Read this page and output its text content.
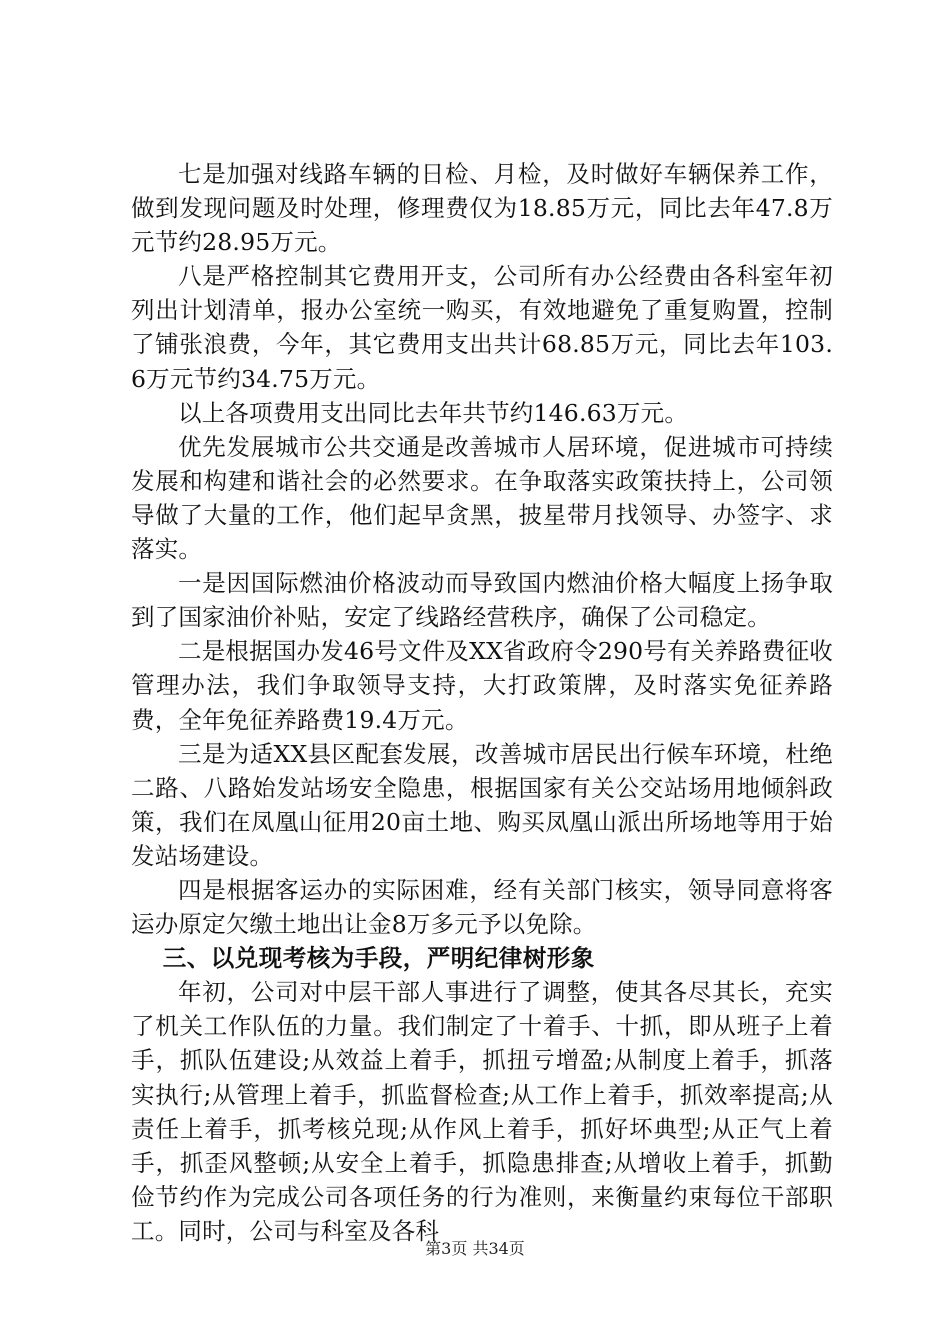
七是加强对线路车辆的日检、月检，及时做好车辆保养工作，做到发现问题及时处理，修理费仅为18.85万元，同比去年47.8万元节约28.95万元。

八是严格控制其它费用开支，公司所有办公经费由各科室年初列出计划清单，报办公室统一购买，有效地避免了重复购置，控制了铺张浪费，今年，其它费用支出共计68.85万元，同比去年103.6万元节约34.75万元。

以上各项费用支出同比去年共节约146.63万元。

优先发展城市公共交通是改善城市人居环境，促进城市可持续发展和构建和谐社会的必然要求。在争取落实政策扶持上，公司领导做了大量的工作，他们起早贪黑，披星带月找领导、办签字、求落实。

一是因国际燃油价格波动而导致国内燃油价格大幅度上扬争取到了国家油价补贴，安定了线路经营秩序，确保了公司稳定。

二是根据国办发46号文件及XX省政府令290号有关养路费征收管理办法，我们争取领导支持，大打政策牌，及时落实免征养路费，全年免征养路费19.4万元。

三是为适XX县区配套发展，改善城市居民出行候车环境，杜绝二路、八路始发站场安全隐患，根据国家有关公交站场用地倾斜政策，我们在凤凰山征用20亩土地、购买凤凰山派出所场地等用于始发站场建设。

四是根据客运办的实际困难，经有关部门核实，领导同意将客运办原定欠缴土地出让金8万多元予以免除。

三、以兑现考核为手段，严明纪律树形象

年初，公司对中层干部人事进行了调整，使其各尽其长，充实了机关工作队伍的力量。我们制定了十着手、十抓，即从班子上着手，抓队伍建设;从效益上着手，抓扭亏增盈;从制度上着手，抓落实执行;从管理上着手，抓监督检查;从工作上着手，抓效率提高;从责任上着手，抓考核兑现;从作风上着手，抓好坏典型;从正气上着手，抓歪风整顿;从安全上着手，抓隐患排查;从增收上着手，抓勤俭节约作为完成公司各项任务的行为准则，来衡量约束每位干部职工。同时，公司与科室及各科

第3页 共34页
